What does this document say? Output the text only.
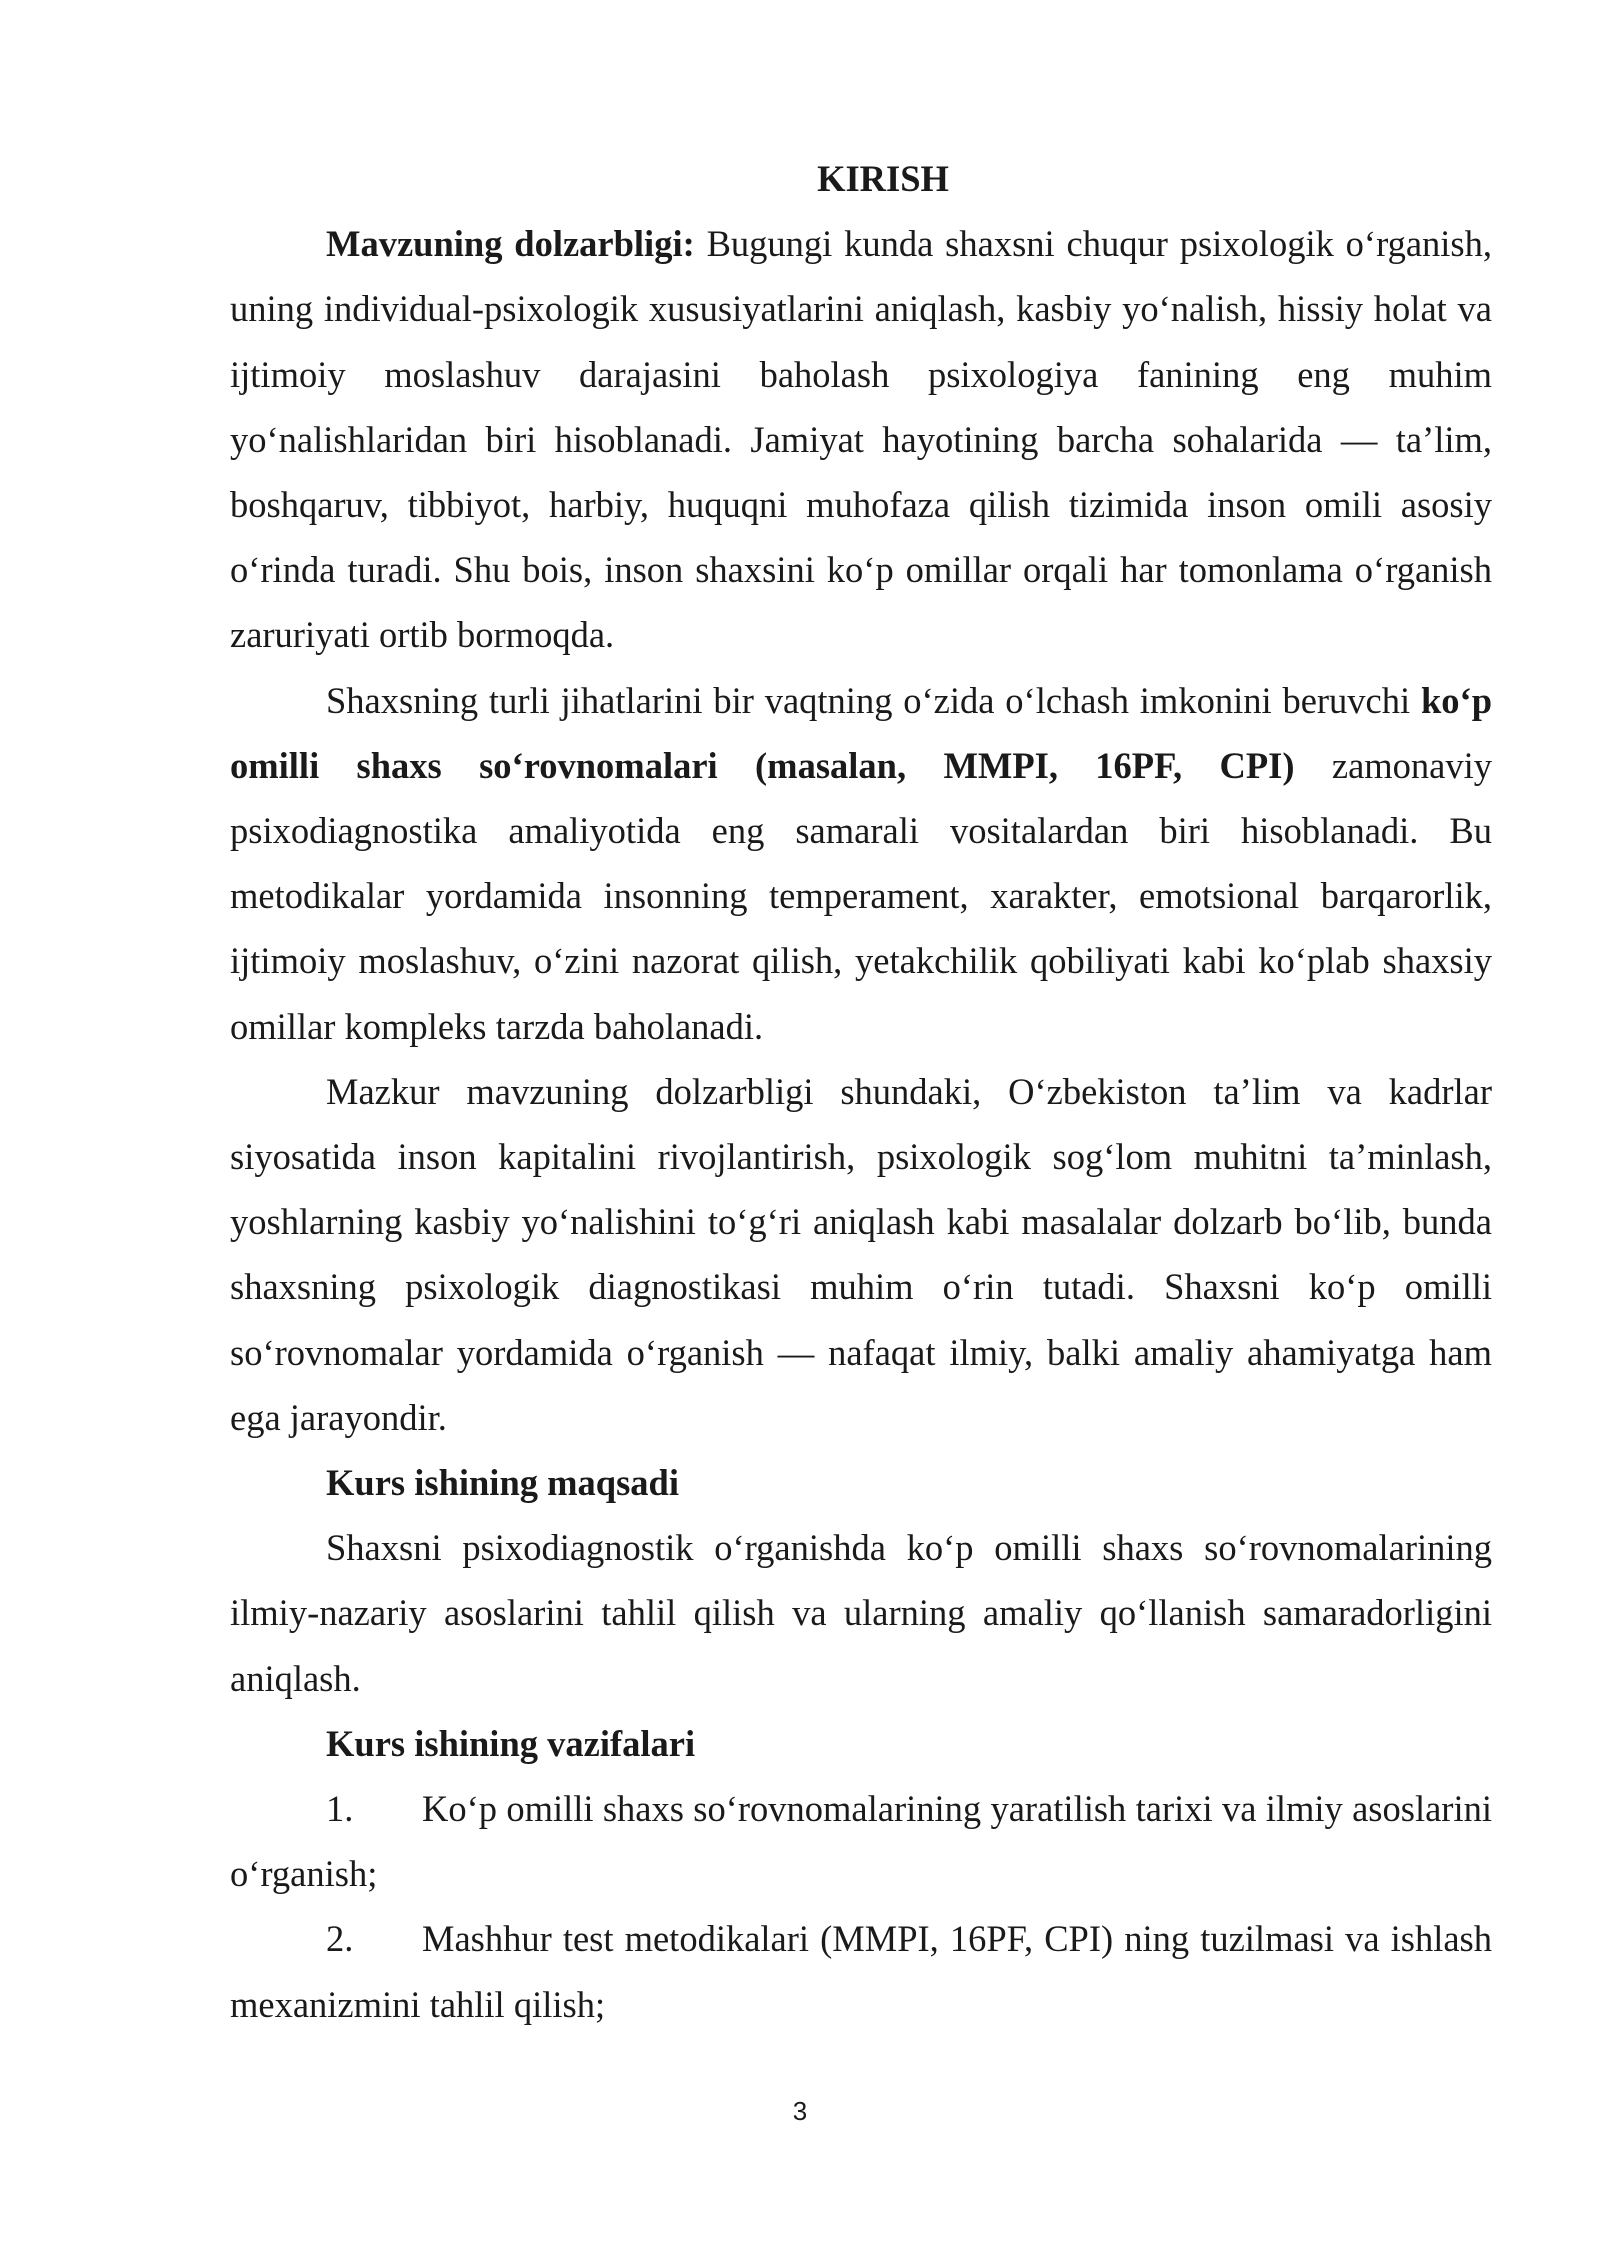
KIRISH

Mavzuning dolzarbligi: Bugungi kunda shaxsni chuqur psixologik o‘rganish, uning individual-psixologik xususiyatlarini aniqlash, kasbiy yo‘nalish, hissiy holat va ijtimoiy moslashuv darajasini baholash psixologiya fanining eng muhim yo‘nalishlaridan biri hisoblanadi. Jamiyat hayotining barcha sohalarida — ta’lim, boshqaruv, tibbiyot, harbiy, huquqni muhofaza qilish tizimida inson omili asosiy o‘rinda turadi. Shu bois, inson shaxsini ko‘p omillar orqali har tomonlama o‘rganish zaruriyati ortib bormoqda.

Shaxsning turli jihatlarini bir vaqtning o‘zida o‘lchash imkonini beruvchi ko‘p omilli shaxs so‘rovnomalari (masalan, MMPI, 16PF, CPI) zamonaviy psixodiagnostika amaliyotida eng samarali vositalardan biri hisoblanadi. Bu metodikalar yordamida insonning temperament, xarakter, emotsional barqarorlik, ijtimoiy moslashuv, o‘zini nazorat qilish, yetakchilik qobiliyati kabi ko‘plab shaxsiy omillar kompleks tarzda baholanadi.

Mazkur mavzuning dolzarbligi shundaki, O‘zbekiston ta’lim va kadrlar siyosatida inson kapitalini rivojlantirish, psixologik sog‘lom muhitni ta’minlash, yoshlarning kasbiy yo‘nalishini to‘g‘ri aniqlash kabi masalalar dolzarb bo‘lib, bunda shaxsning psixologik diagnostikasi muhim o‘rin tutadi. Shaxsni ko‘p omilli so‘rovnomalar yordamida o‘rganish — nafaqat ilmiy, balki amaliy ahamiyatga ham ega jarayondir.

Kurs ishining maqsadi

Shaxsni psixodiagnostik o‘rganishda ko‘p omilli shaxs so‘rovnomalarining ilmiy-nazariy asoslarini tahlil qilish va ularning amaliy qo‘llanish samaradorligini aniqlash.

Kurs ishining vazifalari

1. Ko‘p omilli shaxs so‘rovnomalarining yaratilish tarixi va ilmiy asoslarini o‘rganish;

2. Mashhur test metodikalari (MMPI, 16PF, CPI) ning tuzilmasi va ishlash mexanizmini tahlil qilish;

3
